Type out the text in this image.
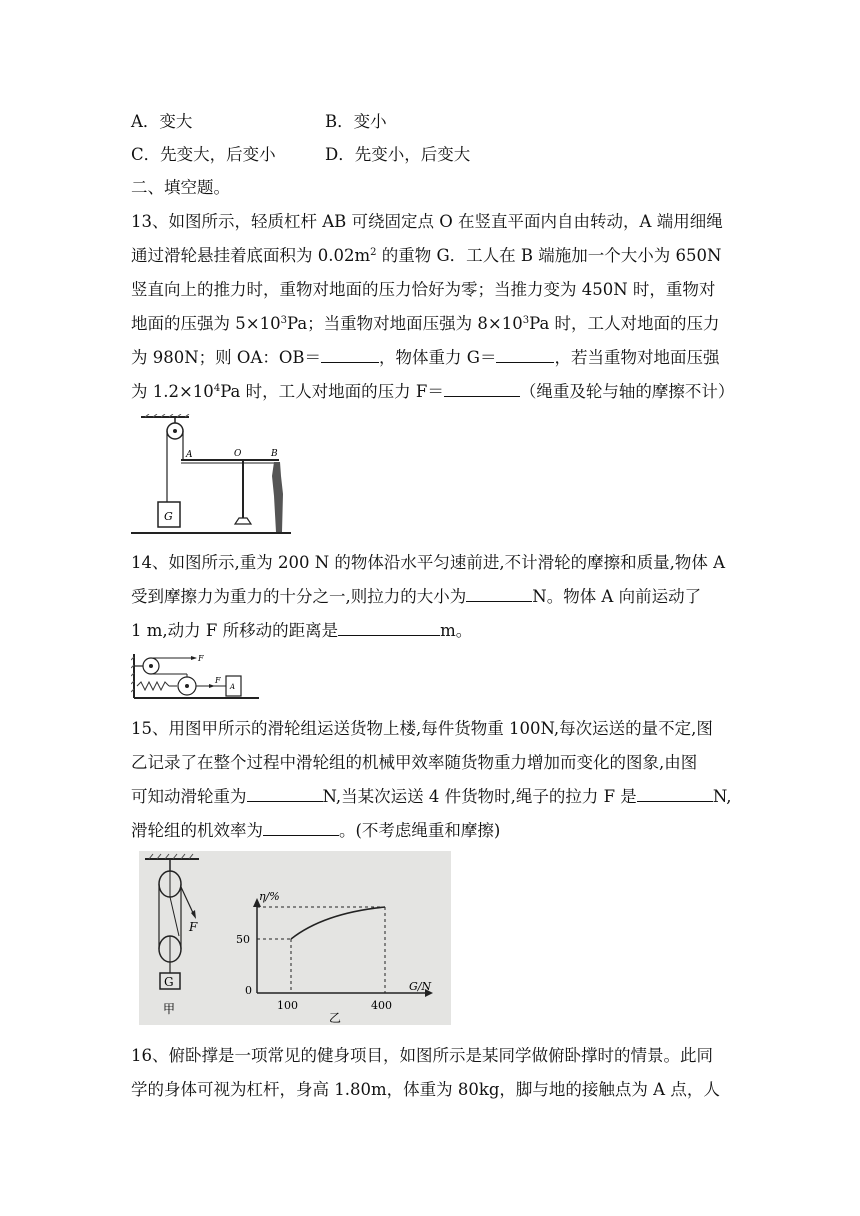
A．变大	B．变小
C．先变大，后变小	D．先变小，后变大
二、填空题。
13、如图所示，轻质杠杆 AB 可绕固定点 O 在竖直平面内自由转动，A 端用细绳
通过滑轮悬挂着底面积为 $0.02m^2$ 的重物 G．工人在 B 端施加一个大小为 650N
竖直向上的推力时，重物对地面的压力恰好为零；当推力变为 450N 时，重物对
地面的压强为 $5\times 10^3Pa$；当重物对地面压强为 $8\times 10^3Pa$ 时，工人对地面的压力
为 980N；则 OA：OB＝	，物体重力 G＝	，若当重物对地面压强
为 $1.2\times 10^4Pa$ 时，工人对地面的压力 F＝	（绳重及轮与轴的摩擦不计）
A	O	B
G
14、如图所示,重为 200 N 的物体沿水平匀速前进,不计滑轮的摩擦和质量,物体 A
受到摩擦力为重力的十分之一,则拉力的大小为	N。物体 A 向前运动了
1 m,动力 F 所移动的距离是	m。
F
F
A
15、用图甲所示的滑轮组运送货物上楼,每件货物重 100N,每次运送的量不定,图
乙记录了在整个过程中滑轮组的机械甲效率随货物重力增加而变化的图象,由图
可知动滑轮重为	N,当某次运送 4 件货物时,绳子的拉力 F 是	N,
滑轮组的机效率为	。(不考虑绳重和摩擦)
F
G
甲
η/%
G/N
50
0
100	400
乙
16、俯卧撑是一项常见的健身项目，如图所示是某同学做俯卧撑时的情景。此同
学的身体可视为杠杆，身高 1.80m，体重为 80kg，脚与地的接触点为 A 点，人
